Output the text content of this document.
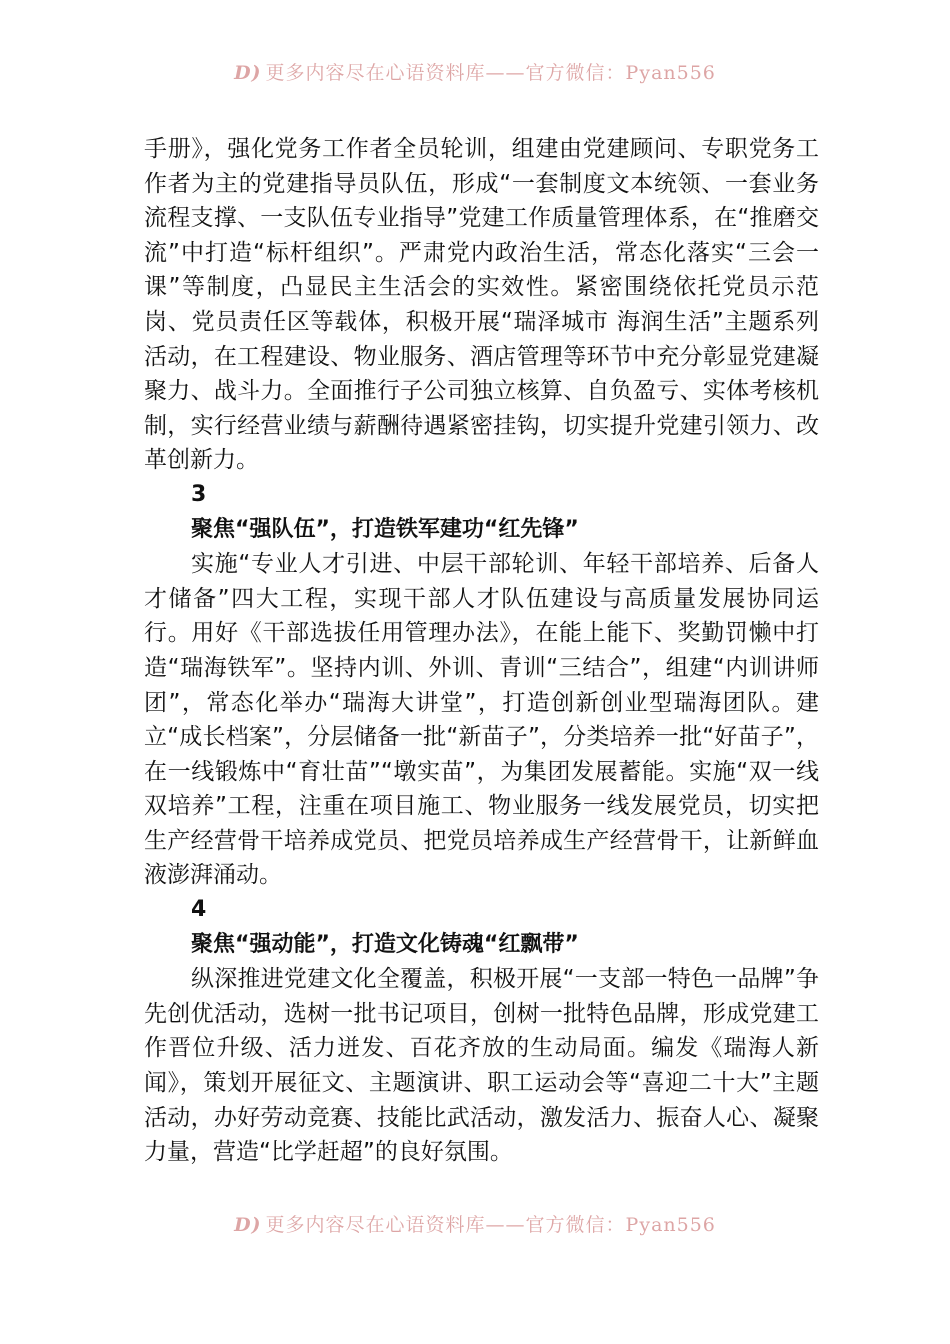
D) 更多内容尽在心语资料库——官方微信：Pyan556

手册》，强化党务工作者全员轮训，组建由党建顾问、专职党务工作者为主的党建指导员队伍，形成“一套制度文本统领、一套业务流程支撑、一支队伍专业指导”党建工作质量管理体系，在“推磨交流”中打造“标杆组织”。严肃党内政治生活，常态化落实“三会一课”等制度，凸显民主生活会的实效性。紧密围绕依托党员示范岗、党员责任区等载体，积极开展“瑞泽城市 海润生活”主题系列活动，在工程建设、物业服务、酒店管理等环节中充分彰显党建凝聚力、战斗力。全面推行子公司独立核算、自负盈亏、实体考核机制，实行经营业绩与薪酬待遇紧密挂钩，切实提升党建引领力、改革创新力。

3

聚焦“强队伍”，打造铁军建功“红先锋”

实施“专业人才引进、中层干部轮训、年轻干部培养、后备人才储备”四大工程，实现干部人才队伍建设与高质量发展协同运行。用好《干部选拔任用管理办法》，在能上能下、奖勤罚懒中打造“瑞海铁军”。坚持内训、外训、青训“三结合”，组建“内训讲师团”，常态化举办“瑞海大讲堂”，打造创新创业型瑞海团队。建立“成长档案”，分层储备一批“新苗子”，分类培养一批“好苗子”，在一线锻炼中“育壮苗”“墩实苗”，为集团发展蓄能。实施“双一线双培养”工程，注重在项目施工、物业服务一线发展党员，切实把生产经营骨干培养成党员、把党员培养成生产经营骨干，让新鲜血液澎湃涌动。

4

聚焦“强动能”，打造文化铸魂“红飘带”

纵深推进党建文化全覆盖，积极开展“一支部一特色一品牌”争先创优活动，选树一批书记项目，创树一批特色品牌，形成党建工作晋位升级、活力迸发、百花齐放的生动局面。编发《瑞海人新闻》，策划开展征文、主题演讲、职工运动会等“喜迎二十大”主题活动，办好劳动竞赛、技能比武活动，激发活力、振奋人心、凝聚力量，营造“比学赶超”的良好氛围。

D) 更多内容尽在心语资料库——官方微信：Pyan556
